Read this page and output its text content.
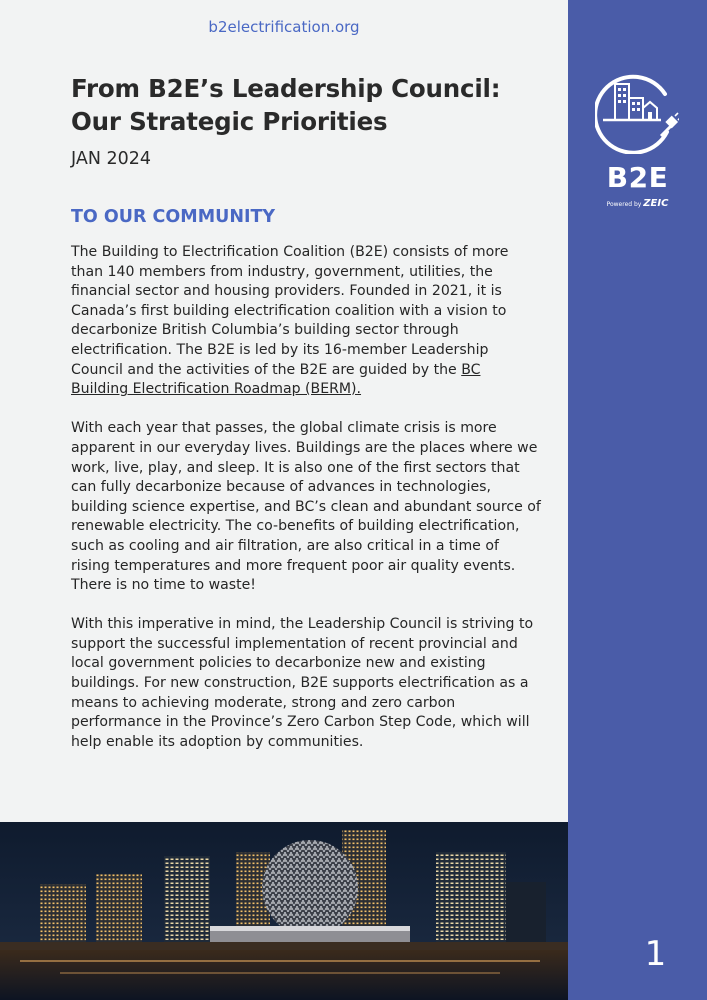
b2electrification.org
From B2E’s Leadership Council:
Our Strategic Priorities
JAN 2024
TO OUR COMMUNITY

The Building to Electrification Coalition (B2E) consists of more than 140 members from industry, government, utilities, the financial sector and housing providers. Founded in 2021, it is Canada’s first building electrification coalition with a vision to decarbonize British Columbia’s building sector through electrification. The B2E is led by its 16-member Leadership Council and the activities of the B2E are guided by the BC Building Electrification Roadmap (BERM).

With each year that passes, the global climate crisis is more apparent in our everyday lives. Buildings are the places where we work, live, play, and sleep. It is also one of the first sectors that can fully decarbonize because of advances in technologies, building science expertise, and BC’s clean and abundant source of renewable electricity. The co-benefits of building electrification, such as cooling and air filtration, are also critical in a time of rising temperatures and more frequent poor air quality events. There is no time to waste!

With this imperative in mind, the Leadership Council is striving to support the successful implementation of recent provincial and local government policies to decarbonize new and existing buildings. For new construction, B2E supports electrification as a means to achieving moderate, strong and zero carbon performance in the Province’s Zero Carbon Step Code, which will help enable its adoption by communities.

B2E
Powered by ZEIC
1
